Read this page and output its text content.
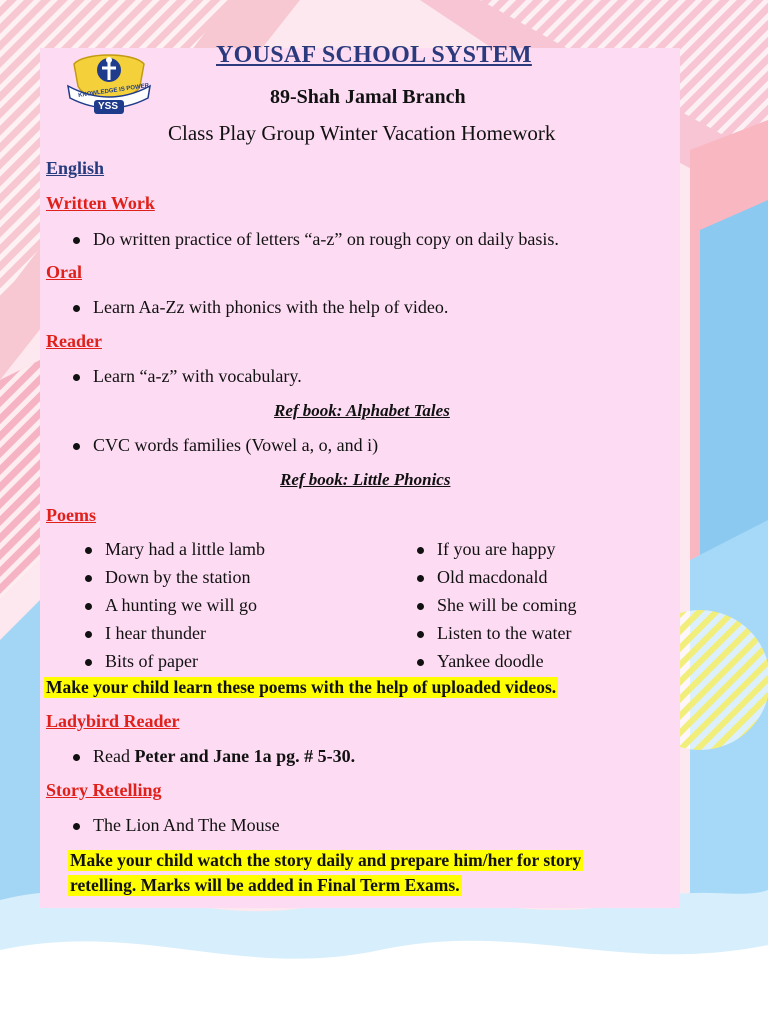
KNOWLEDGE IS POWER
YSS
YOUSAF SCHOOL SYSTEM
89-Shah Jamal Branch
Class Play Group Winter Vacation Homework
English
Written Work
Do written practice of letters “a-z” on rough copy on daily basis.
Oral
Learn Aa-Zz with phonics with the help of video.
Reader
Learn “a-z” with vocabulary.
Ref book: Alphabet Tales
CVC words families (Vowel a, o, and i)
Ref book: Little Phonics
Poems
Mary had a little lamb
Down by the station
A hunting we will go
I hear thunder
Bits of paper
If you are happy
Old macdonald
She will be coming
Listen to the water
Yankee doodle
Make your child learn these poems with the help of uploaded videos.
Ladybird Reader
Read Peter and Jane 1a pg. # 5-30.
Story Retelling
The Lion And The Mouse
Make your child watch the story daily and prepare him/her for story
retelling. Marks will be added in Final Term Exams.
